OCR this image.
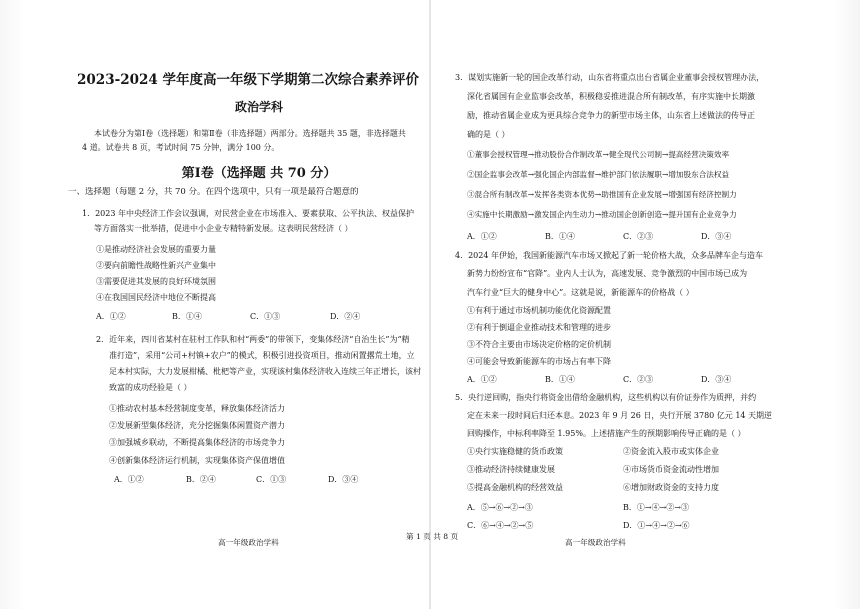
2023-2024 学年度高一年级下学期第二次综合素养评价
政治学科
本试卷分为第Ⅰ卷（选择题）和第Ⅱ卷（非选择题）两部分。选择题共 35 题，非选择题共
4 道。试卷共 8 页，考试时间 75 分钟，满分 100 分。
第Ⅰ卷（选择题 共 70 分）
一、选择题（每题 2 分，共 70 分。在四个选项中，只有一项是最符合题意的
1．2023 年中央经济工作会议强调，对民营企业在市场准入、要素获取、公平执法、权益保护
等方面落实一批举措，促进中小企业专精特新发展。这表明民营经济（ ）
①是推动经济社会发展的重要力量
②要向前瞻性战略性新兴产业集中
③需要促进其发展的良好环境氛围
④在我国国民经济中地位不断提高
A．①②	B．①④	C．①③	D．②④
2．近年来，四川省某村在驻村工作队和村“两委”的带领下，变集体经济“自治生长”为“精
准打造”，采用“公司+村镇+农户”的模式，积极引进投资项目，推动闲置撂荒土地，立
足本村实际，大力发展柑橘、枇杷等产业，实现该村集体经济收入连续三年正增长，该村
致富的成功经验是（ ）
①推动农村基本经营制度变革，释放集体经济活力
②发展新型集体经济，充分挖掘集体闲置资产潜力
③加强城乡联动，不断提高集体经济的市场竞争力
④创新集体经济运行机制，实现集体资产保值增值
A．①②	B．②④	C．①③	D．③④
高一年级政治学科
第 1 页 共 8 页
3．谋划实施新一轮的国企改革行动，山东省将重点出台省属企业董事会授权管理办法，
深化省属国有企业监事会改革，积极稳妥推进混合所有制改革，有序实施中长期激
励，推动省属企业成为更具综合竞争力的新型市场主体，山东省上述做法的传导正
确的是（ ）
①董事会授权管理→推动股份合作制改革→健全现代公司制→提高经营决策效率
②国企监事会改革→强化国企内部监督→维护部门依法履职→增加股东合法权益
③混合所有制改革→发挥各类资本优势→助推国有企业发展→增强国有经济控制力
④实施中长期激励→激发国企内生动力→推动国企创新创造→提升国有企业竞争力
A．①②	B．①④	C．②③	D．③④
4．2024 年伊始，我国新能源汽车市场又掀起了新一轮价格大战，众多品牌车企与造车
新势力纷纷宣布“官降”。业内人士认为，高速发展、竞争激烈的中国市场已成为
汽车行业“巨大的健身中心”。这就是说，新能源车的价格战（ ）
①有利于通过市场机制功能优化资源配置
②有利于倒逼企业推动技术和管理的进步
③不符合主要由市场决定价格的定价机制
④可能会导致新能源车的市场占有率下降
A．①②	B．①④	C．②③	D．③④
5．央行逆回购，指央行将资金出借给金融机构，这些机构以有价证券作为质押，并约
定在未来一段时间后归还本息。2023 年 9 月 26 日，央行开展 3780 亿元 14 天期逆
回购操作，中标利率降至 1.95%。上述措施产生的预期影响传导正确的是（ ）
①央行实施稳健的货币政策	②资金流入股市或实体企业
③推动经济持续健康发展	④市场货币资金流动性增加
⑤提高金融机构的经营效益	⑥增加财政资金的支持力度
A．⑤→⑥→②→③	B．①→④→②→③
C．⑥→④→②→⑤	D．①→④→②→⑥
高一年级政治学科
